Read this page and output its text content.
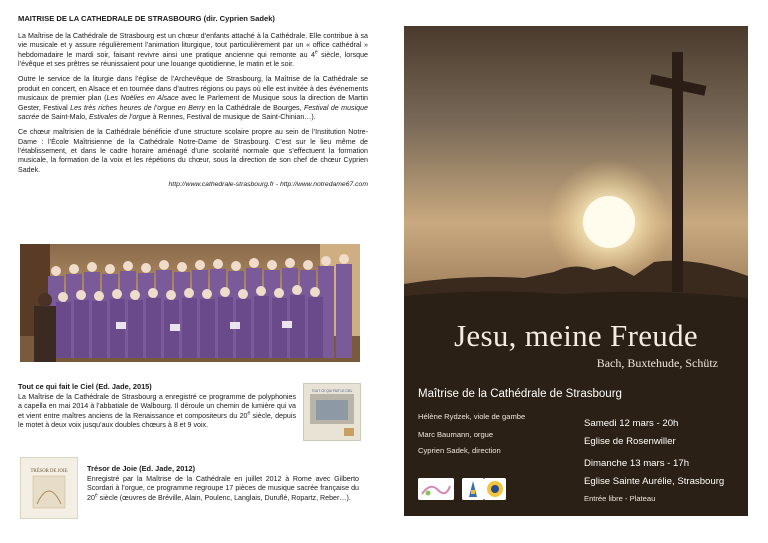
MAITRISE DE LA CATHEDRALE DE STRASBOURG (dir. Cyprien Sadek)

La Maîtrise de la Cathédrale de Strasbourg est un chœur d’enfants attaché à la Cathédrale. Elle contribue à sa vie musicale et y assure régulièrement l’animation liturgique, tout particulièrement par un « office cathédral » hebdomadaire le mardi soir, faisant revivre ainsi une pratique ancienne qui remonte au 4e siècle, lorsque l’évêque et ses prêtres se réunissaient pour une louange quotidienne, le matin et le soir.

Outre le service de la liturgie dans l’église de l’Archevêque de Strasbourg, la Maîtrise de la Cathédrale se produit en concert, en Alsace et en tournée dans d’autres régions ou pays où elle est invitée à des événements musicaux de premier plan (Les Noëlies en Alsace avec le Parlement de Musique sous la direction de Martin Gester, Festival Les très riches heures de l’orgue en Berry en la Cathédrale de Bourges, Festival de musique sacrée de Saint-Malo, Estivales de l’orgue à Rennes, Festival de musique de Saint-Chinian…).

Ce chœur maîtrisien de la Cathédrale bénéficie d’une structure scolaire propre au sein de l’Institution Notre-Dame : l’École Maîtrisienne de la Cathédrale Notre-Dame de Strasbourg. C’est sur le lieu même de l’établissement, et dans le cadre horaire aménagé d’une scolarité normale que s’effectuent la formation musicale, la formation de la voix et les répétions du chœur, sous la direction de son chef de chœur Cyprien Sadek.

http://www.cathedrale-strasbourg.fr - http://www.notredame67.com
Tout ce qui fait le Ciel (Ed. Jade, 2015)
La Maîtrise de la Cathédrale de Strasbourg a enregistré ce programme de polyphonies a capella en mai 2014 à l’abbatiale de Walbourg. Il déroule un chemin de lumière qui va et vient entre maîtres anciens de la Renaissance et compositeurs du 20e siècle, depuis le motet à deux voix jusqu’aux doubles chœurs à 8 et 9 voix.
TOUT CE QUI FAIT LE CIEL
TRÉSOR DE JOIE	Trésor de Joie (Ed. Jade, 2012)
Enregistré par la Maîtrise de la Cathédrale en juillet 2012 à Rome avec Gilberto Scordari à l’orgue, ce programme regroupe 17 pièces de musique sacrée française du 20e siècle (œuvres de Bréville, Alain, Poulenc, Langlais, Duruflé, Ropartz, Reber…).
Jesu, meine Freude
Bach, Buxtehude, Schütz
Maîtrise de la Cathédrale de Strasbourg
Hélène Rydzek, viole de gambe
Marc Baumann, orgue
Cyprien Sadek, direction
Samedi 12 mars - 20h
Eglise de Rosenwiller
Dimanche 13 mars - 17h
Eglise Sainte Aurélie, Strasbourg
Entrée libre - Plateau
